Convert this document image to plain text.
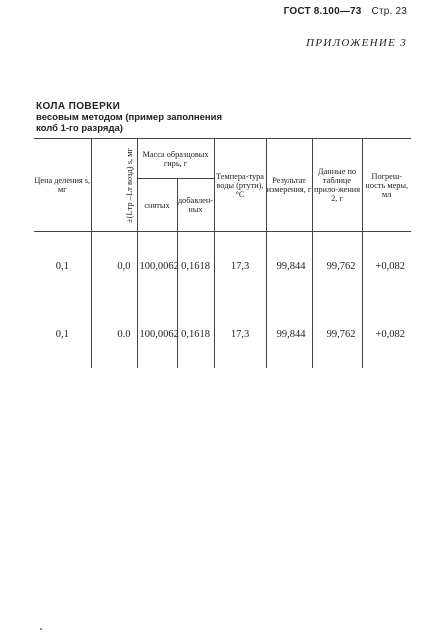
ГОСТ 8.100—73 Стр. 23
ПРИЛОЖЕНИЕ 3
КОЛА ПОВЕРКИ
весовым методом (пример заполнения
колб 1-го разряда)
Цена деления s, мг	±(Lтр –Lт возд) s, мг	Масса образцовых гирь, г		Темпера-тура воды (ртути), °С	Результат измерения, г	Данные по таблице прило-жения 2, г	Погреш-ность меры, мл
		снятых	добавлен-ных				
0,1	0,0	100,0062	0,1618	17,3	99,844	99,762	+0,082
0,1	0.0	100,0062	0,1618	17,3	99,844	99,762	+0,082
